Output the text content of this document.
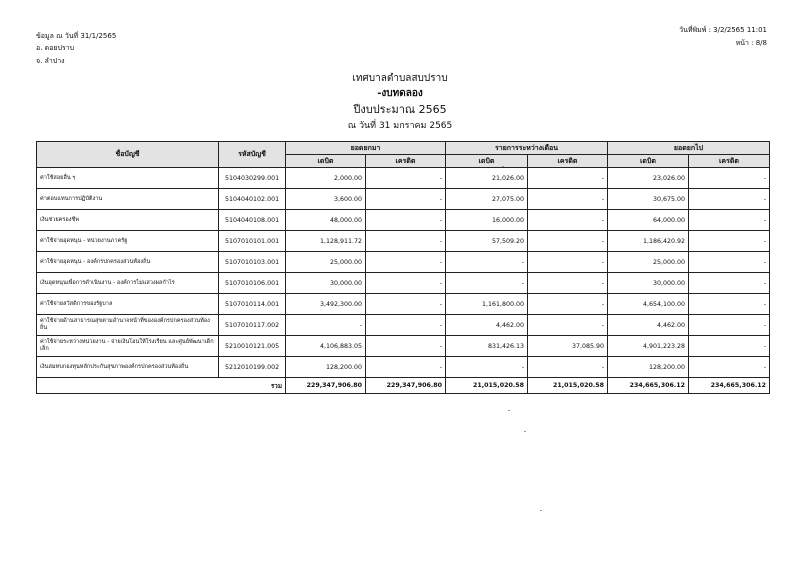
ข้อมูล ณ วันที่ 31/1/2565
อ. ดอยปราบ
จ. ลำปาง
วันที่พิมพ์ : 3/2/2565 11:01
หน้า : 8/8
เทศบาลตำบลสบปราบ
-งบทดลอง
ปีงบประมาณ 2565
ณ วันที่ 31 มกราคม 2565
ชื่อบัญชี	รหัสบัญชี	ยอดยกมา		รายการระหว่างเดือน		ยอดยกไป	
		เดบิต	เครดิต	เดบิต	เครดิต	เดบิต	เครดิต
ค่าใช้สอยอื่น ๆ	5104030299.001	2,000.00	-	21,026.00	-	23,026.00	-
ค่าตอบแทนการปฏิบัติงาน	5104040102.001	3,600.00	-	27,075.00	-	30,675.00	-
เงินช่วยครองชีพ	5104040108.001	48,000.00	-	16,000.00	-	64,000.00	-
ค่าใช้จ่ายอุดหนุน - หน่วยงานภาครัฐ	5107010101.001	1,128,911.72	-	57,509.20	-	1,186,420.92	-
ค่าใช้จ่ายอุดหนุน - องค์กรปกครองส่วนท้องถิ่น	5107010103.001	25,000.00	-	-	-	25,000.00	-
เงินอุดหนุนเพื่อการดำเนินงาน - องค์การไม่แสวงผลกำไร	5107010106.001	30,000.00	-	-	-	30,000.00	-
ค่าใช้จ่ายสวัสดิการของรัฐบาล	5107010114.001	3,492,300.00	-	1,161,800.00	-	4,654,100.00	-
ค่าใช้จ่ายด้านสาธารณสุขตามอำนาจหน้าที่ขององค์กรปกครองส่วนท้องถิ่น	5107010117.002	-	-	4,462.00	-	4,462.00	-
ค่าใช้จ่ายระหว่างหน่วยงาน - จ่ายเงินโอนให้โรงเรียน และศูนย์พัฒนาเด็กเล็ก	5210010121.005	4,106,883.05	-	831,426.13	37,085.90	4,901,223.28	-
เงินสมทบกองทุนหลักประกันสุขภาพองค์กรปกครองส่วนท้องถิ่น	5212010199.002	128,200.00	-	-	-	128,200.00	-
รวม		229,347,906.80	229,347,906.80	21,015,020.58	21,015,020.58	234,665,306.12	234,665,306.12
